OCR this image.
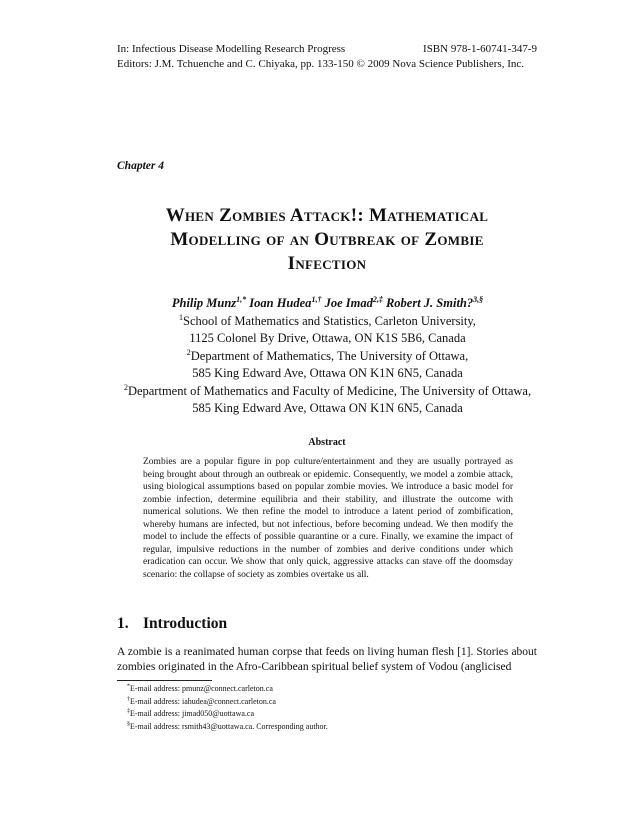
In: Infectious Disease Modelling Research Progress	ISBN 978-1-60741-347-9
Editors: J.M. Tchuenche and C. Chiyaka, pp. 133-150 © 2009 Nova Science Publishers, Inc.
Chapter 4
When Zombies Attack!: Mathematical
Modelling of an Outbreak of Zombie
Infection
Philip Munz$^{1,*}$ Ioan Hudea$^{1,\dagger}$ Joe Imad$^{2,\ddagger}$ Robert J. Smith?$^{3,\S}$
$^1$School of Mathematics and Statistics, Carleton University,
1125 Colonel By Drive, Ottawa, ON K1S 5B6, Canada
$^2$Department of Mathematics, The University of Ottawa,
585 King Edward Ave, Ottawa ON K1N 6N5, Canada
$^2$Department of Mathematics and Faculty of Medicine, The University of Ottawa,
585 King Edward Ave, Ottawa ON K1N 6N5, Canada
Abstract
Zombies are a popular figure in pop culture/entertainment and they are usually portrayed as being brought about through an outbreak or epidemic. Consequently, we model a zombie attack, using biological assumptions based on popular zombie movies. We introduce a basic model for zombie infection, determine equilibria and their stability, and illustrate the outcome with numerical solutions. We then refine the model to introduce a latent period of zombification, whereby humans are infected, but not infectious, before becoming undead. We then modify the model to include the effects of possible quarantine or a cure. Finally, we examine the impact of regular, impulsive reductions in the number of zombies and derive conditions under which eradication can occur. We show that only quick, aggressive attacks can stave off the doomsday scenario: the collapse of society as zombies overtake us all.
1. Introduction
A zombie is a reanimated human corpse that feeds on living human flesh [1]. Stories about zombies originated in the Afro-Caribbean spiritual belief system of Vodou (anglicised
*E-mail address: pmunz@connect.carleton.ca
†E-mail address: iahudea@connect.carleton.ca
‡E-mail address: jimad050@uottawa.ca
§E-mail address: rsmith43@uottawa.ca. Corresponding author.
